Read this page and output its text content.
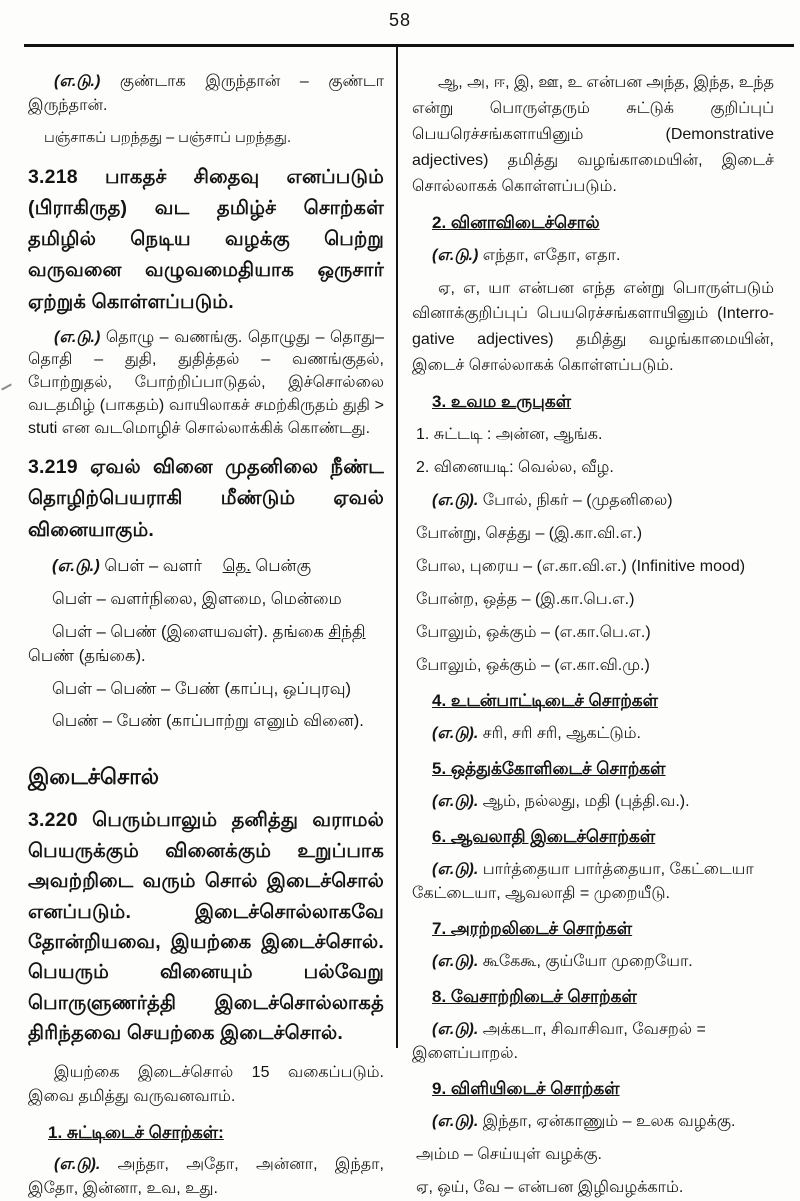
58

(எ.டு.) குண்டாக இருந்தான் – குண்டா இருந்தான்.

பஞ்சாகப் பறந்தது – பஞ்சாப் பறந்தது.

3.218 பாகதச் சிதைவு எனப்படும் (பிராகிருத) வட தமிழ்ச் சொற்கள் தமிழில் நெடிய வழக்கு பெற்று வருவனை வழுவமைதியாக ஒருசார் ஏற்றுக் கொள்ளப்படும்.

(எ.டு.) தொழு – வணங்கு. தொழுது – தொது– தொதி – துதி, துதித்தல் – வணங்குதல், போற்றுதல், போற்றிப்பாடுதல், இச்சொல்லை வடதமிழ் (பாகதம்) வாயிலாகச் சமற்கிருதம் துதி > stuti என வடமொழிச் சொல்லாக்கிக் கொண்டது.

3.219 ஏவல் வினை முதனிலை நீண்ட தொழிற்பெயராகி மீண்டும் ஏவல் வினையாகும்.

(எ.டு.) பெள் – வளர் தெ. பென்கு

பெள் – வளர்நிலை, இளமை, மென்மை

பெள் – பெண் (இளையவள்). தங்கை சிந்தி பெண் (தங்கை).

பெள் – பெண் – பேண் (காப்பு, ஒப்புரவு)

பெண் – பேண் (காப்பாற்று எனும் வினை).

இடைச்சொல்

3.220 பெரும்பாலும் தனித்து வராமல் பெயருக்கும் வினைக்கும் உறுப்பாக அவற்றிடை வரும் சொல் இடைச்சொல் எனப்படும். இடைச்சொல்லாகவே தோன்றியவை, இயற்கை இடைச்சொல். பெயரும் வினையும் பல்வேறு பொருளுணர்த்தி இடைச்சொல்லாகத் திரிந்தவை செயற்கை இடைச்சொல்.

இயற்கை இடைச்சொல் 15 வகைப்படும். இவை தமித்து வருவனவாம்.

1. சுட்டிடைச் சொற்கள்:

(எ.டு). அந்தா, அதோ, அன்னா, இந்தா, இதோ, இன்னா, உவ, உது.

ஆ, அ, ஈ, இ, ஊ, உ என்பன அந்த, இந்த, உந்த என்று பொருள்தரும் சுட்டுக் குறிப்புப் பெயரெச்சங்களாயினும் (Demonstrative adjectives) தமித்து வழங்காமையின், இடைச் சொல்லாகக் கொள்ளப்படும்.

2. வினாவிடைச்சொல்

(எ.டு.) எந்தா, எதோ, எதா.

ஏ, எ, யா என்பன எந்த என்று பொருள்படும் வினாக்குறிப்புப் பெயரெச்சங்களாயினும் (Interro- gative adjectives) தமித்து வழங்காமையின், இடைச் சொல்லாகக் கொள்ளப்படும்.

3. உவம உருபுகள்

1. சுட்டடி : அன்ன, ஆங்க.

2. வினையடி: வெல்ல, வீழ.

(எ.டு). போல், நிகர் – (முதனிலை)

போன்று, செத்து – (இ.கா.வி.எ.)

போல, புரைய – (எ.கா.வி.எ.) (Infinitive mood)

போன்ற, ஒத்த – (இ.கா.பெ.எ.)

போலும், ஒக்கும் – (எ.கா.பெ.எ.)

போலும், ஒக்கும் – (எ.கா.வி.மு.)

4. உடன்பாட்டிடைச் சொற்கள்

(எ.டு). சரி, சரி சரி, ஆகட்டும்.

5. ஒத்துக்கோளிடைச் சொற்கள்

(எ.டு). ஆம், நல்லது, மதி (புத்தி.வ.).

6. ஆவலாதி இடைச்சொற்கள்

(எ.டு). பார்த்தையா பார்த்தையா, கேட்டையா கேட்டையா, ஆவலாதி = முறையீடு.

7. அரற்றலிடைச் சொற்கள்

(எ.டு). கூகேகூ, குய்யோ முறையோ.

8. வேசாற்றிடைச் சொற்கள்

(எ.டு). அக்கடா, சிவாசிவா, வேசறல் = இளைப்பாறல்.

9. விளியிடைச் சொற்கள்

(எ.டு). இந்தா, ஏன்காணும் – உலக வழக்கு.

அம்ம – செய்யுள் வழக்கு.

ஏ, ஒய், வே – என்பன இழிவழக்காம்.
